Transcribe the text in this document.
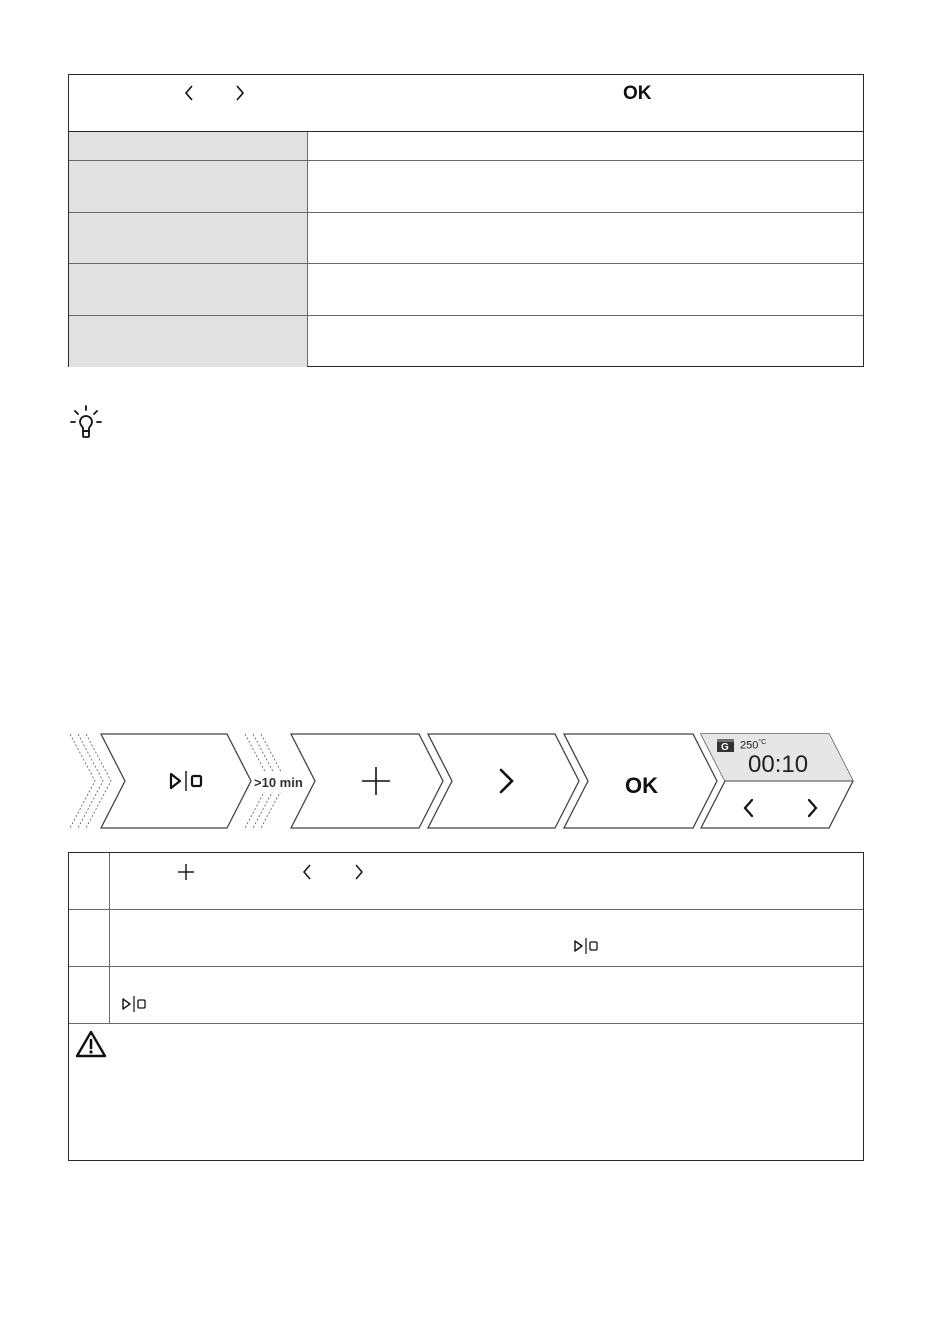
OK
>10 min	OK
G $250^{^\circ C}$
00:10
